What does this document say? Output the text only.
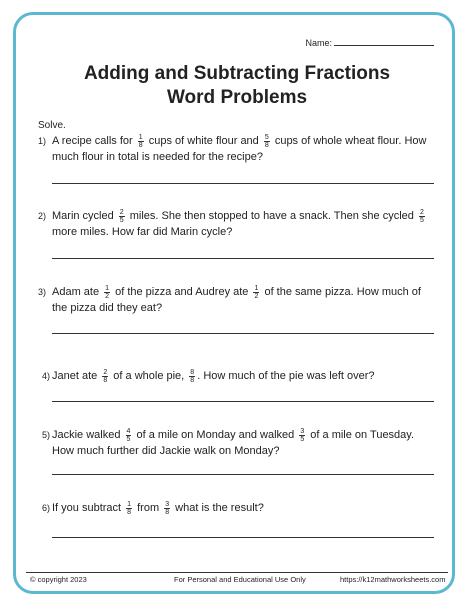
Name:
Adding and Subtracting Fractions
Word Problems
Solve.
1) A recipe calls for $\frac{1}{8}$ cups of white flour and $\frac{5}{8}$ cups of whole wheat flour. How
much flour in total is needed for the recipe?
2) Marin cycled $\frac{2}{5}$ miles. She then stopped to have a snack. Then she cycled $\frac{2}{5}$
more miles. How far did Marin cycle?
3) Adam ate $\frac{1}{2}$ of the pizza and Audrey ate $\frac{1}{2}$ of the same pizza. How much of
the pizza did they eat?
4) Janet ate $\frac{2}{8}$ of a whole pie, $\frac{8}{8}$ . How much of the pie was left over?
5) Jackie walked $\frac{4}{5}$ of a mile on Monday and walked $\frac{3}{5}$ of a mile on Tuesday.
How much further did Jackie walk on Monday?
6) If you subtract $\frac{1}{8}$ from $\frac{3}{8}$ what is the result?
© copyright 2023	For Personal and Educational Use Only	https://k12mathworksheets.com
